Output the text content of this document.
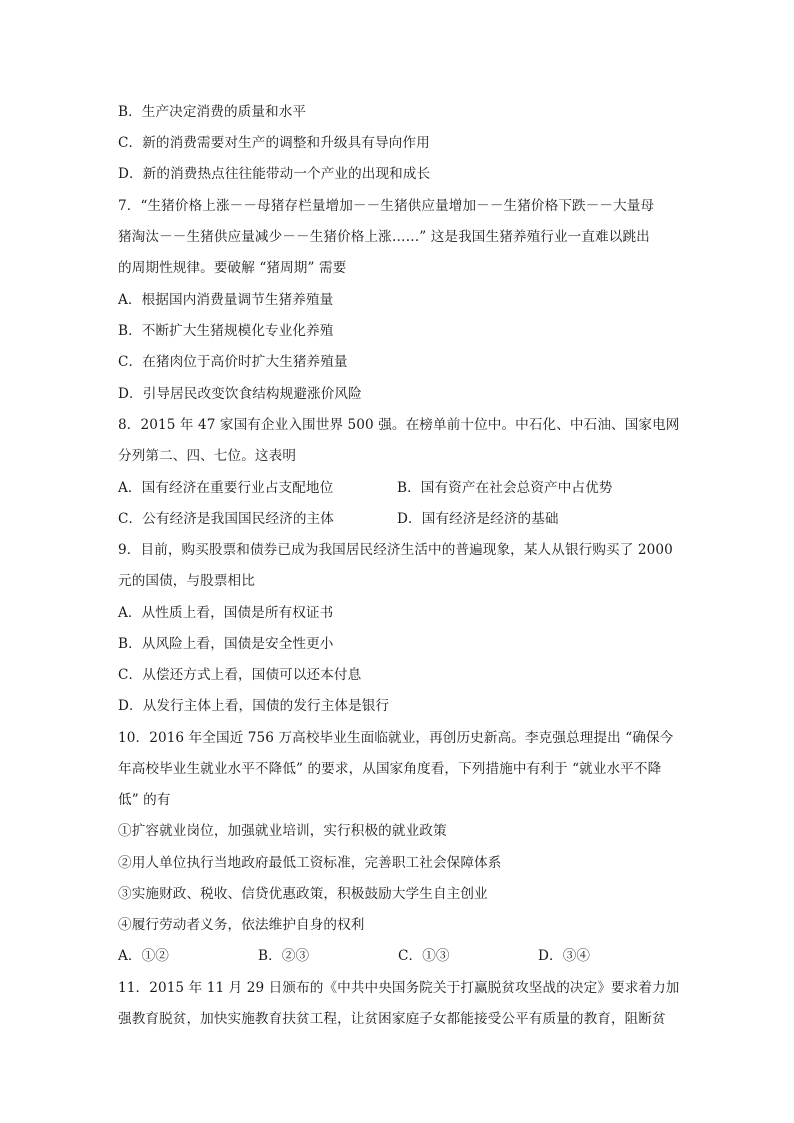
B．生产决定消费的质量和水平
C．新的消费需要对生产的调整和升级具有导向作用
D．新的消费热点往往能带动一个产业的出现和成长
7．“生猪价格上涨－－母猪存栏量增加－－生猪供应量增加－－生猪价格下跌－－大量母
猪淘汰－－生猪供应量减少－－生猪价格上涨……” 这是我国生猪养殖行业一直难以跳出
的周期性规律。要破解 “猪周期” 需要
A．根据国内消费量调节生猪养殖量
B．不断扩大生猪规模化专业化养殖
C．在猪肉位于高价时扩大生猪养殖量
D．引导居民改变饮食结构规避涨价风险
8．2015 年 47 家国有企业入围世界 500 强。在榜单前十位中。中石化、中石油、国家电网
分列第二、四、七位。这表明
A．国有经济在重要行业占支配地位	B．国有资产在社会总资产中占优势
C．公有经济是我国国民经济的主体	D．国有经济是经济的基础
9．目前，购买股票和债券已成为我国居民经济生活中的普遍现象，某人从银行购买了 2000
元的国债，与股票相比
A．从性质上看，国债是所有权证书
B．从风险上看，国债是安全性更小
C．从偿还方式上看，国债可以还本付息
D．从发行主体上看，国债的发行主体是银行
10．2016 年全国近 756 万高校毕业生面临就业，再创历史新高。李克强总理提出 “确保今
年高校毕业生就业水平不降低” 的要求，从国家角度看，下列措施中有利于 “就业水平不降
低” 的有
①扩容就业岗位，加强就业培训，实行积极的就业政策
②用人单位执行当地政府最低工资标准，完善职工社会保障体系
③实施财政、税收、信贷优惠政策，积极鼓励大学生自主创业
④履行劳动者义务，依法维护自身的权利
A．①②	B．②③	C．①③	D．③④
11．2015 年 11 月 29 日颁布的《中共中央国务院关于打赢脱贫攻坚战的决定》要求着力加
强教育脱贫，加快实施教育扶贫工程，让贫困家庭子女都能接受公平有质量的教育，阻断贫
